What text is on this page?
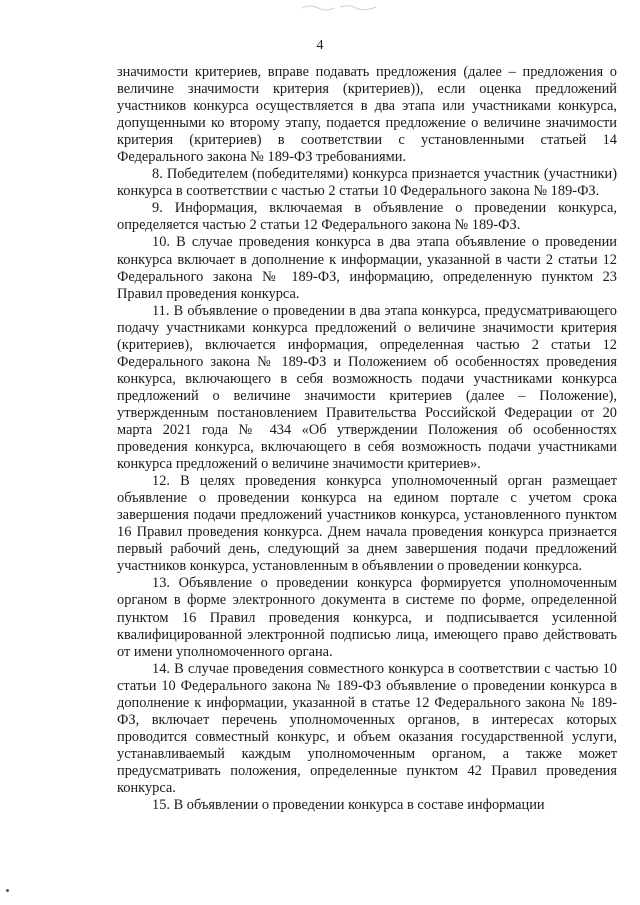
4

значимости критериев, вправе подавать предложения (далее – предложения о величине значимости критерия (критериев)), если оценка предложений участников конкурса осуществляется в два этапа или участниками конкурса, допущенными ко второму этапу, подается предложение о величине значимости критерия (критериев) в соответствии с установленными статьей 14 Федерального закона № 189-ФЗ требованиями.

8. Победителем (победителями) конкурса признается участник (участники) конкурса в соответствии с частью 2 статьи 10 Федерального закона № 189-ФЗ.

9. Информация, включаемая в объявление о проведении конкурса, определяется частью 2 статьи 12 Федерального закона № 189-ФЗ.

10. В случае проведения конкурса в два этапа объявление о проведении конкурса включает в дополнение к информации, указанной в части 2 статьи 12 Федерального закона № 189-ФЗ, информацию, определенную пунктом 23 Правил проведения конкурса.

11. В объявление о проведении в два этапа конкурса, предусматривающего подачу участниками конкурса предложений о величине значимости критерия (критериев), включается информация, определенная частью 2 статьи 12 Федерального закона № 189-ФЗ и Положением об особенностях проведения конкурса, включающего в себя возможность подачи участниками конкурса предложений о величине значимости критериев (далее – Положение), утвержденным постановлением Правительства Российской Федерации от 20 марта 2021 года № 434 «Об утверждении Положения об особенностях проведения конкурса, включающего в себя возможность подачи участниками конкурса предложений о величине значимости критериев».

12. В целях проведения конкурса уполномоченный орган размещает объявление о проведении конкурса на едином портале с учетом срока завершения подачи предложений участников конкурса, установленного пунктом 16 Правил проведения конкурса. Днем начала проведения конкурса признается первый рабочий день, следующий за днем завершения подачи предложений участников конкурса, установленным в объявлении о проведении конкурса.

13. Объявление о проведении конкурса формируется уполномоченным органом в форме электронного документа в системе по форме, определенной пунктом 16 Правил проведения конкурса, и подписывается усиленной квалифицированной электронной подписью лица, имеющего право действовать от имени уполномоченного органа.

14. В случае проведения совместного конкурса в соответствии с частью 10 статьи 10 Федерального закона № 189-ФЗ объявление о проведении конкурса в дополнение к информации, указанной в статье 12 Федерального закона № 189-ФЗ, включает перечень уполномоченных органов, в интересах которых проводится совместный конкурс, и объем оказания государственной услуги, устанавливаемый каждым уполномоченным органом, а также может предусматривать положения, определенные пунктом 42 Правил проведения конкурса.

15. В объявлении о проведении конкурса в составе информации
